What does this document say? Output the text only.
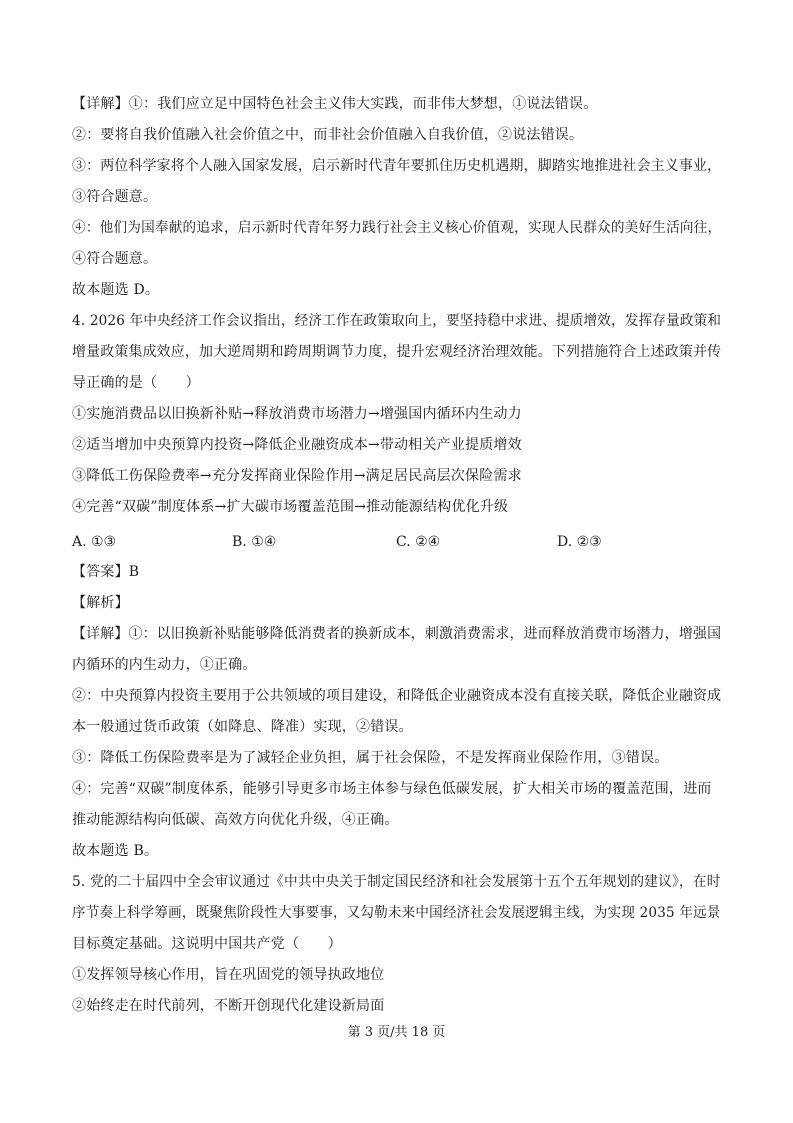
【详解】①：我们应立足中国特色社会主义伟大实践，而非伟大梦想，①说法错误。
②：要将自我价值融入社会价值之中，而非社会价值融入自我价值，②说法错误。
③：两位科学家将个人融入国家发展，启示新时代青年要抓住历史机遇期，脚踏实地推进社会主义事业，
③符合题意。
④：他们为国奉献的追求，启示新时代青年努力践行社会主义核心价值观，实现人民群众的美好生活向往，
④符合题意。
故本题选 D。
4. 2026 年中央经济工作会议指出，经济工作在政策取向上，要坚持稳中求进、提质增效，发挥存量政策和
增量政策集成效应，加大逆周期和跨周期调节力度，提升宏观经济治理效能。下列措施符合上述政策并传
导正确的是（　　）
①实施消费品以旧换新补贴→释放消费市场潜力→增强国内循环内生动力
②适当增加中央预算内投资→降低企业融资成本→带动相关产业提质增效
③降低工伤保险费率→充分发挥商业保险作用→满足居民高层次保险需求
④完善“双碳”制度体系→扩大碳市场覆盖范围→推动能源结构优化升级
A. ①③	B. ①④	C. ②④	D. ②③
【答案】B
【解析】
【详解】①：以旧换新补贴能够降低消费者的换新成本，刺激消费需求，进而释放消费市场潜力，增强国
内循环的内生动力，①正确。
②：中央预算内投资主要用于公共领域的项目建设，和降低企业融资成本没有直接关联，降低企业融资成
本一般通过货币政策（如降息、降准）实现，②错误。
③：降低工伤保险费率是为了减轻企业负担，属于社会保险，不是发挥商业保险作用，③错误。
④：完善“双碳”制度体系，能够引导更多市场主体参与绿色低碳发展，扩大相关市场的覆盖范围，进而
推动能源结构向低碳、高效方向优化升级，④正确。
故本题选 B。
5. 党的二十届四中全会审议通过《中共中央关于制定国民经济和社会发展第十五个五年规划的建议》，在时
序节奏上科学筹画，既聚焦阶段性大事要事，又勾勒未来中国经济社会发展逻辑主线，为实现 2035 年远景
目标奠定基础。这说明中国共产党（　　）
①发挥领导核心作用，旨在巩固党的领导执政地位
②始终走在时代前列，不断开创现代化建设新局面
第 3 页/共 18 页
